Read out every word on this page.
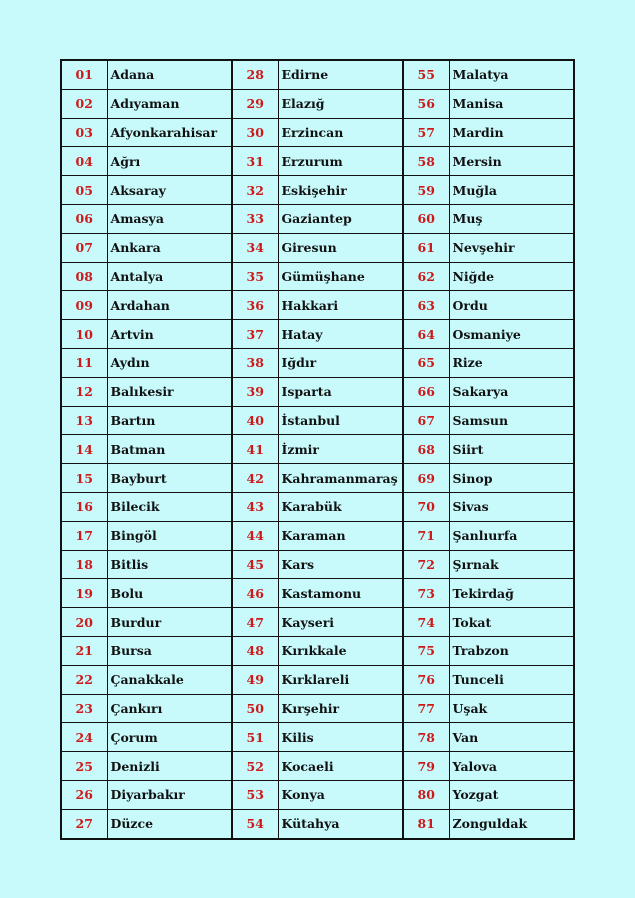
01	Adana	28	Edirne	55	Malatya
02	Adıyaman	29	Elazığ	56	Manisa
03	Afyonkarahisar	30	Erzincan	57	Mardin
04	Ağrı	31	Erzurum	58	Mersin
05	Aksaray	32	Eskişehir	59	Muğla
06	Amasya	33	Gaziantep	60	Muş
07	Ankara	34	Giresun	61	Nevşehir
08	Antalya	35	Gümüşhane	62	Niğde
09	Ardahan	36	Hakkari	63	Ordu
10	Artvin	37	Hatay	64	Osmaniye
11	Aydın	38	Iğdır	65	Rize
12	Balıkesir	39	Isparta	66	Sakarya
13	Bartın	40	İstanbul	67	Samsun
14	Batman	41	İzmir	68	Siirt
15	Bayburt	42	Kahramanmaraş	69	Sinop
16	Bilecik	43	Karabük	70	Sivas
17	Bingöl	44	Karaman	71	Şanlıurfa
18	Bitlis	45	Kars	72	Şırnak
19	Bolu	46	Kastamonu	73	Tekirdağ
20	Burdur	47	Kayseri	74	Tokat
21	Bursa	48	Kırıkkale	75	Trabzon
22	Çanakkale	49	Kırklareli	76	Tunceli
23	Çankırı	50	Kırşehir	77	Uşak
24	Çorum	51	Kilis	78	Van
25	Denizli	52	Kocaeli	79	Yalova
26	Diyarbakır	53	Konya	80	Yozgat
27	Düzce	54	Kütahya	81	Zonguldak
